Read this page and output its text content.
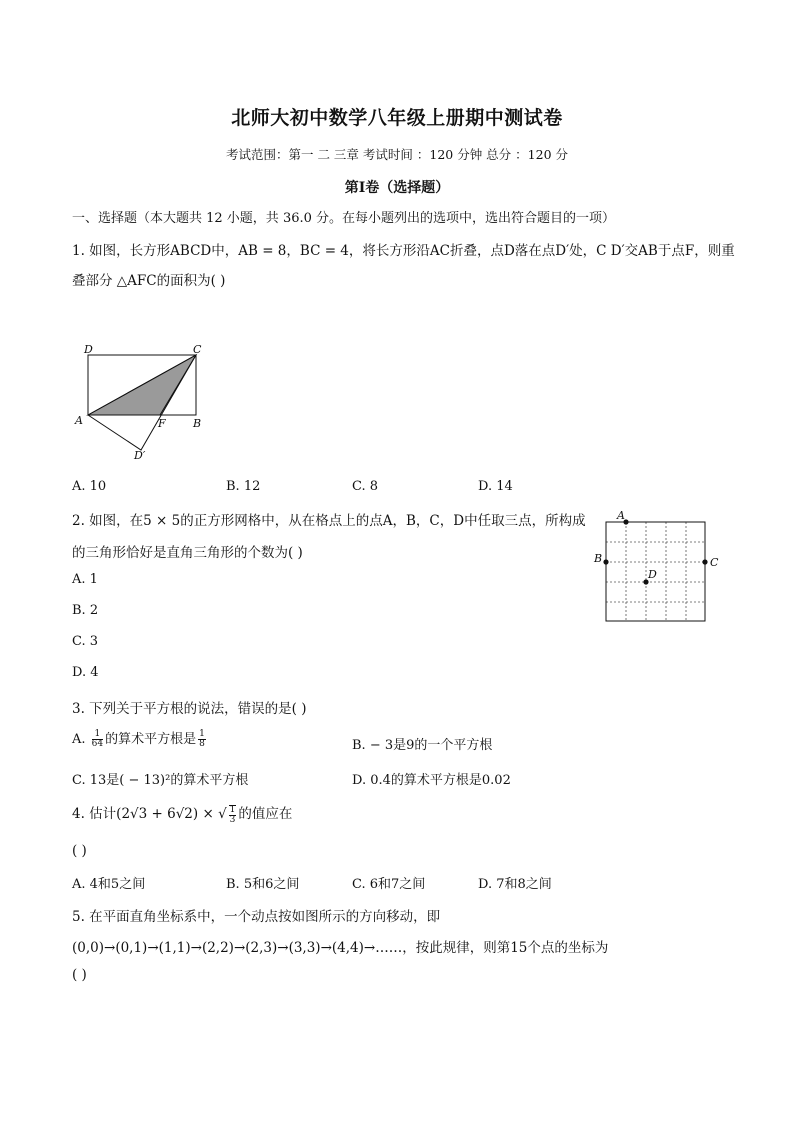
北师大初中数学八年级上册期中测试卷
考试范围：第一 二 三章 考试时间 ：120 分钟 总分 ：120 分
第Ⅰ卷（选择题）
一、选择题（本大题共 12 小题，共 36.0 分。在每小题列出的选项中，选出符合题目的一项）
1. 如图，长方形ABCD中，AB = 8，BC = 4，将长方形沿AC折叠，点D落在点D′处，C D′交AB于点F，则重
叠部分 △AFC的面积为( )
D	C
A	F B
D′
A. 10	B. 12	C. 8	D. 14
2. 如图，在5 × 5的正方形网格中，从在格点上的点A，B，C，D中任取三点，所构成
的三角形恰好是直角三角形的个数为( )
A
B	C
D
A. 1
B. 2
C. 3
D. 4
3. 下列关于平方根的说法，错误的是( )
A. $\frac{1}{64}$ 的算术平方根是 $\frac{1}{8}$	B. − 3是9的一个平方根
C. 13是( − 13)²的算术平方根	D. 0.4的算术平方根是0.02
4. 估计(2√3 + 6√2) × √ $\frac{1}{3}$ 的值应在
( )
A. 4和5之间	B. 5和6之间	C. 6和7之间	D. 7和8之间
5. 在平面直角坐标系中，一个动点按如图所示的方向移动，即
(0,0)→(0,1)→(1,1)→(2,2)→(2,3)→(3,3)→(4,4)→……，按此规律，则第15个点的坐标为
( )
